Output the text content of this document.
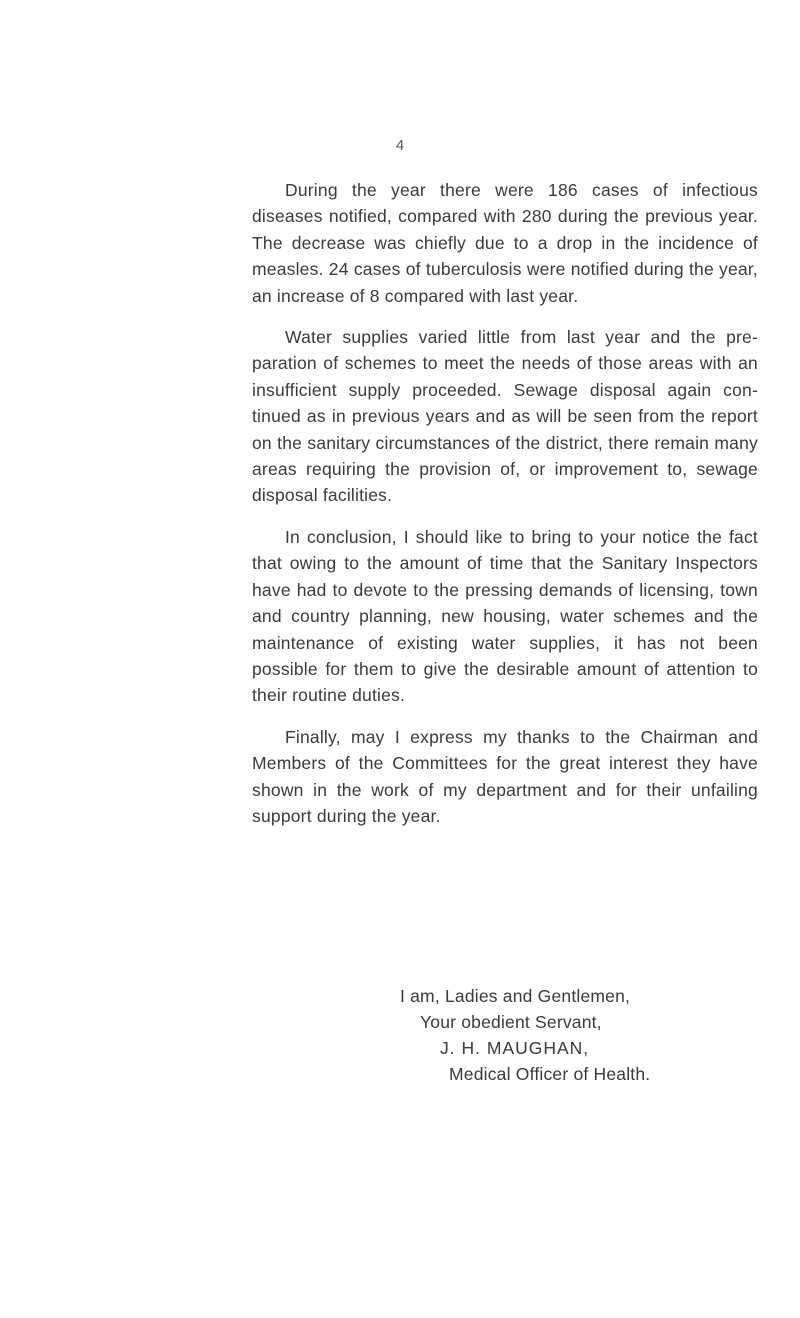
4

During the year there were 186 cases of infectious diseases notified, compared with 280 during the previous year. The decrease was chiefly due to a drop in the incidence of measles. 24 cases of tuberculosis were notified during the year, an increase of 8 compared with last year.

Water supplies varied little from last year and the pre-paration of schemes to meet the needs of those areas with an insufficient supply proceeded. Sewage disposal again con-tinued as in previous years and as will be seen from the report on the sanitary circumstances of the district, there remain many areas requiring the provision of, or improvement to, sewage disposal facilities.

In conclusion, I should like to bring to your notice the fact that owing to the amount of time that the Sanitary Inspectors have had to devote to the pressing demands of licensing, town and country planning, new housing, water schemes and the maintenance of existing water supplies, it has not been possible for them to give the desirable amount of attention to their routine duties.

Finally, may I express my thanks to the Chairman and Members of the Committees for the great interest they have shown in the work of my department and for their unfailing support during the year.

I am, Ladies and Gentlemen,
Your obedient Servant,
J. H. MAUGHAN,
Medical Officer of Health.
